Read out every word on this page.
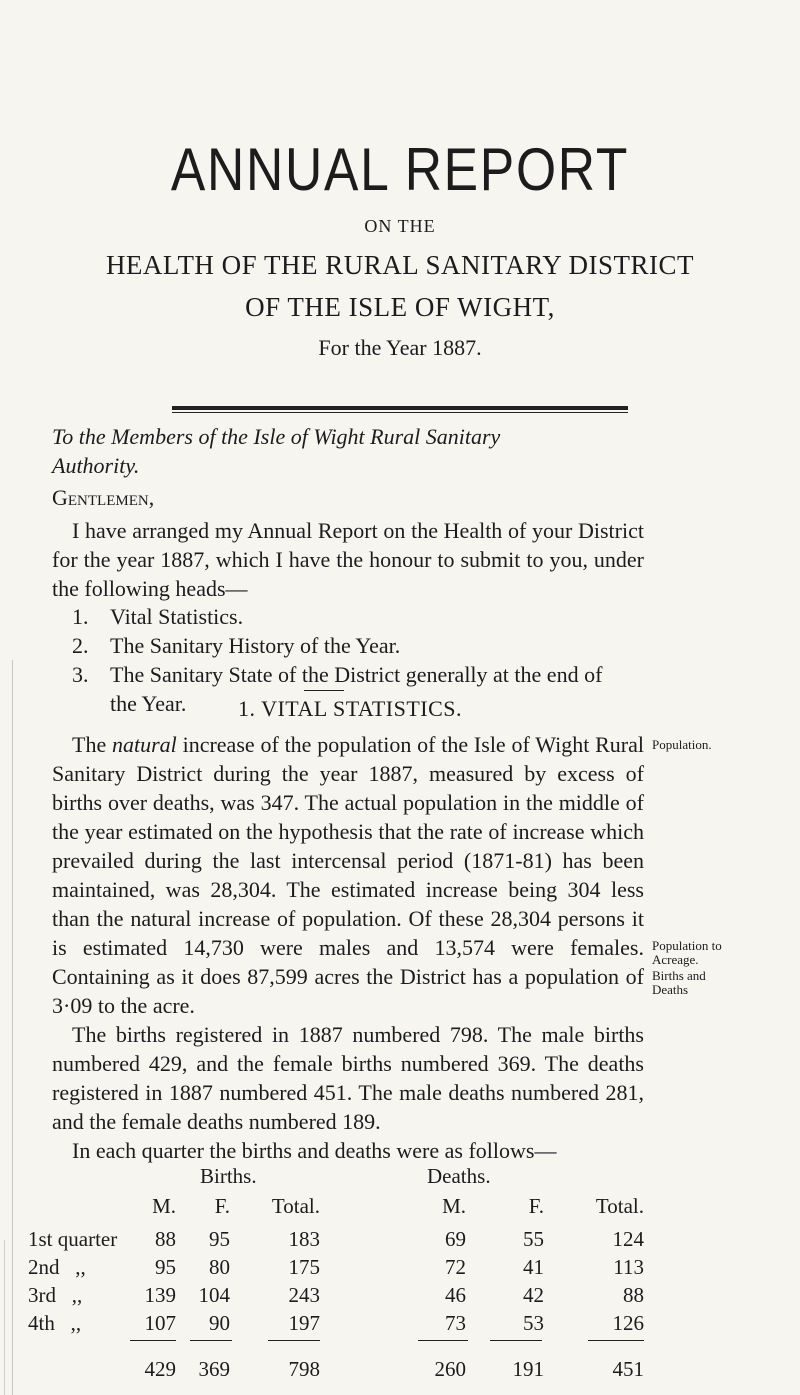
ANNUAL REPORT
ON THE
HEALTH OF THE RURAL SANITARY DISTRICT
OF THE ISLE OF WIGHT,
For the Year 1887.
To the Members of the Isle of Wight Rural Sanitary
Authority.
Gentlemen,
I have arranged my Annual Report on the Health of your District for the year 1887, which I have the honour to submit to you, under the following heads—
1. Vital Statistics.
2. The Sanitary History of the Year.
3. The Sanitary State of the District generally at the end of the Year.	1. VITAL STATISTICS.
The natural increase of the population of the Isle of Wight Rural Sanitary District during the year 1887, measured by excess of births over deaths, was 347. The actual population in the middle of the year estimated on the hypothesis that the rate of increase which prevailed during the last intercensal period (1871-81) has been maintained, was 28,304. The estimated increase being 304 less than the natural increase of population. Of these 28,304 persons it is estimated 14,730 were males and 13,574 were females. Containing as it does 87,599 acres the District has a population of 3·09 to the acre.
The births registered in 1887 numbered 798. The male births numbered 429, and the female births numbered 369. The deaths registered in 1887 numbered 451. The male deaths numbered 281, and the female deaths numbered 189.
In each quarter the births and deaths were as follows—
Population.
Population to
Acreage.
Births and
Deaths
Births.	Deaths.
M.	F.	Total.	M.	F.	Total.
1st quarter	88	95	183	69	55	124
2nd   ,,	95	80	175	72	41	113
3rd   ,,	139	104	243	46	42	88
4th   ,,	107	90	197	73	53	126
429	369	798	260	191	451
